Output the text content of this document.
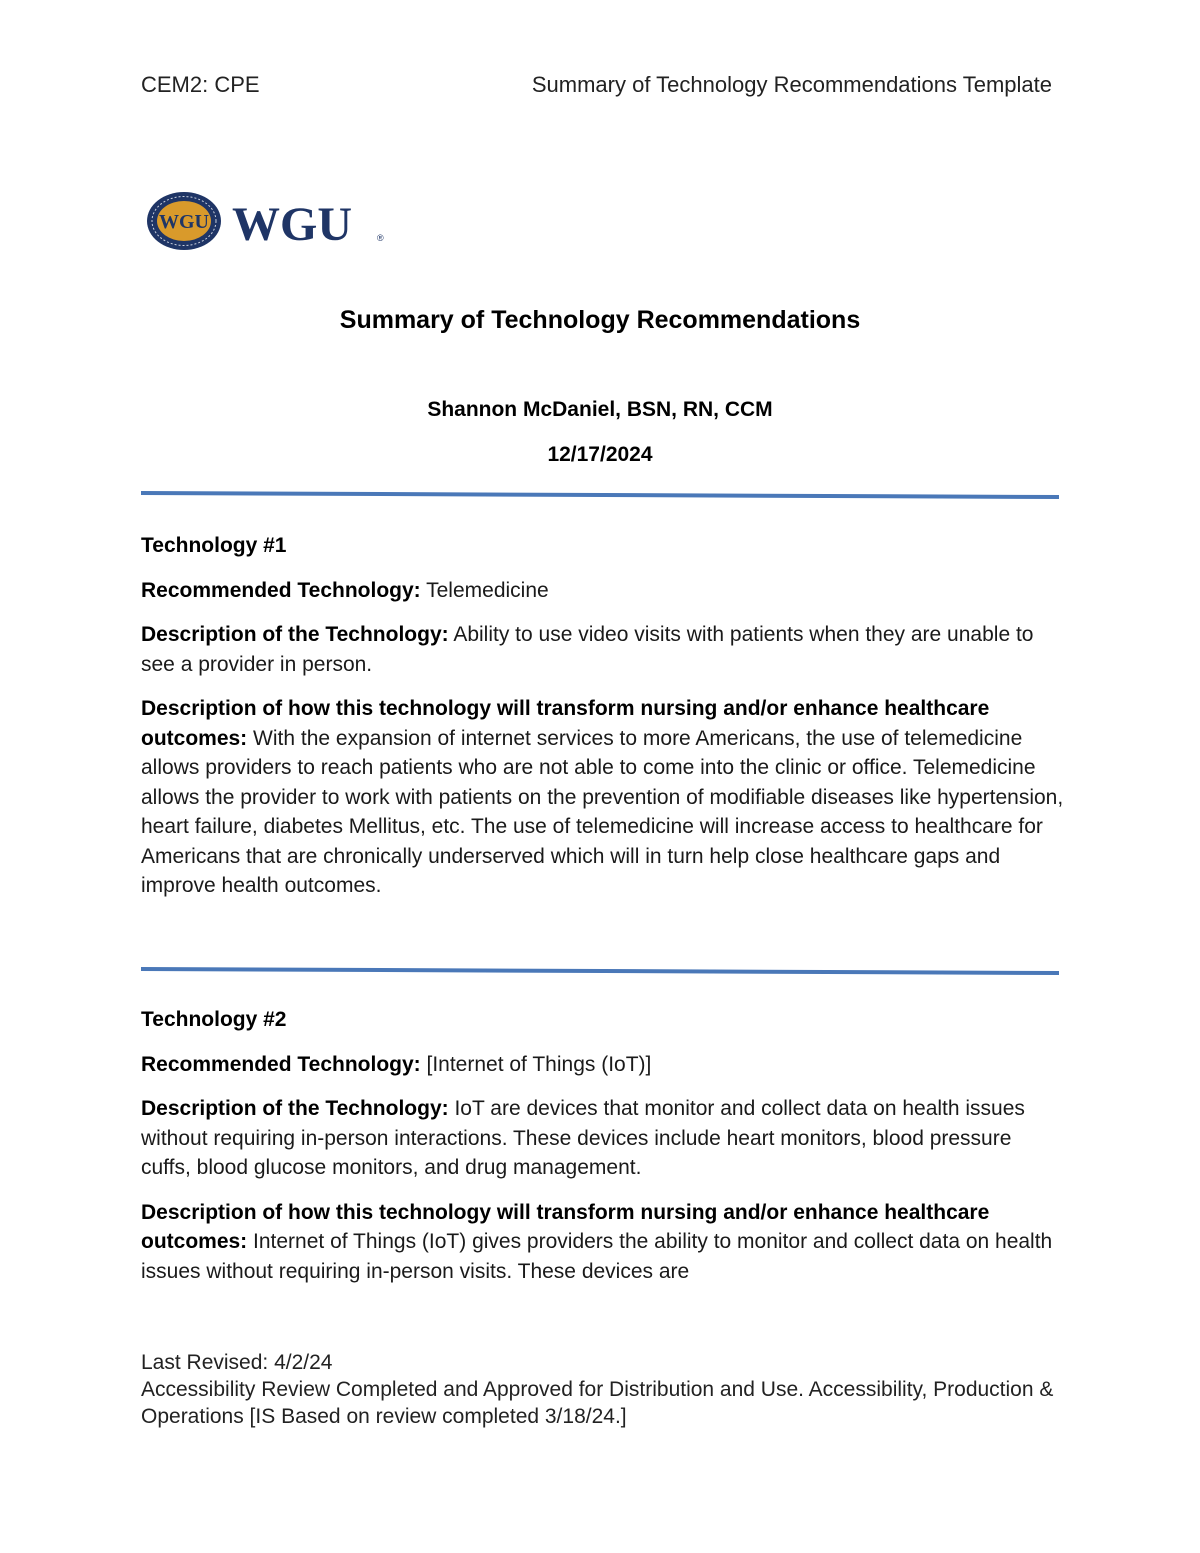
CEM2: CPE	Summary of Technology Recommendations Template
WGU WGU	®
Summary of Technology Recommendations
Shannon McDaniel, BSN, RN, CCM
12/17/2024

Technology #1

Recommended Technology: Telemedicine

Description of the Technology: Ability to use video visits with patients when they are unable to see a provider in person.

Description of how this technology will transform nursing and/or enhance healthcare outcomes: With the expansion of internet services to more Americans, the use of telemedicine allows providers to reach patients who are not able to come into the clinic or office. Telemedicine allows the provider to work with patients on the prevention of modifiable diseases like hypertension, heart failure, diabetes Mellitus, etc. The use of telemedicine will increase access to healthcare for Americans that are chronically underserved which will in turn help close healthcare gaps and improve health outcomes.

Technology #2

Recommended Technology: [Internet of Things (IoT)]

Description of the Technology: IoT are devices that monitor and collect data on health issues without requiring in-person interactions. These devices include heart monitors, blood pressure cuffs, blood glucose monitors, and drug management.

Description of how this technology will transform nursing and/or enhance healthcare outcomes: Internet of Things (IoT) gives providers the ability to monitor and collect data on health issues without requiring in-person visits. These devices are

Last Revised: 4/2/24
Accessibility Review Completed and Approved for Distribution and Use. Accessibility, Production & Operations [IS Based on review completed 3/18/24.]
